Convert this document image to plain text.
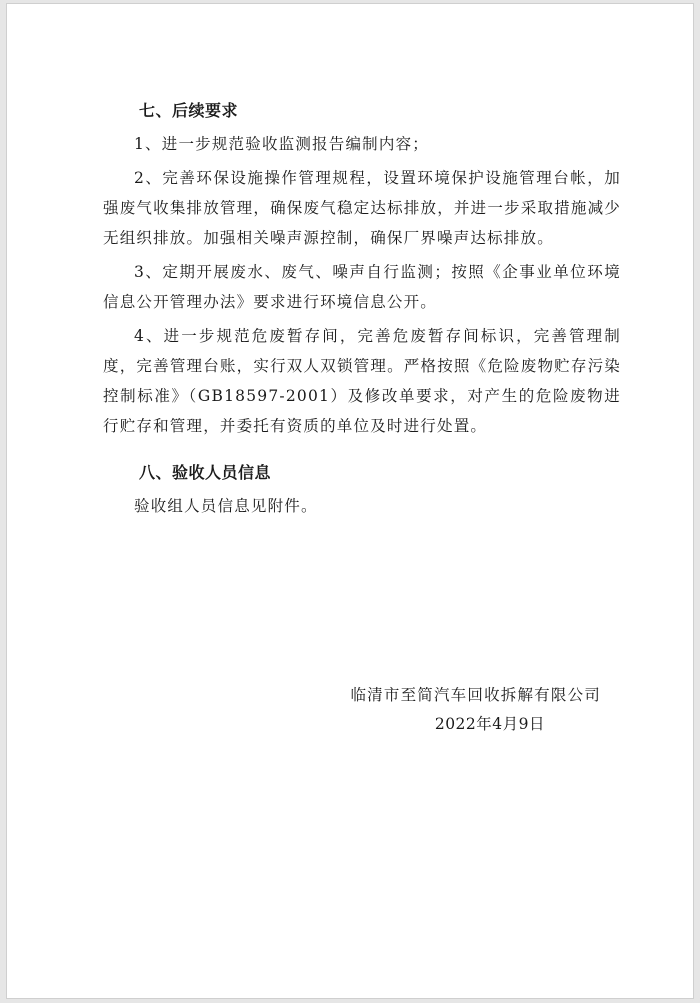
七、后续要求

1、进一步规范验收监测报告编制内容；

2、完善环保设施操作管理规程，设置环境保护设施管理台帐，加强废气收集排放管理，确保废气稳定达标排放，并进一步采取措施减少无组织排放。加强相关噪声源控制，确保厂界噪声达标排放。

3、定期开展废水、废气、噪声自行监测；按照《企事业单位环境信息公开管理办法》要求进行环境信息公开。

4、进一步规范危废暂存间，完善危废暂存间标识，完善管理制度，完善管理台账，实行双人双锁管理。严格按照《危险废物贮存污染控制标准》（GB18597-2001）及修改单要求，对产生的危险废物进行贮存和管理，并委托有资质的单位及时进行处置。

八、验收人员信息

验收组人员信息见附件。

临清市至简汽车回收拆解有限公司
2022年4月9日
